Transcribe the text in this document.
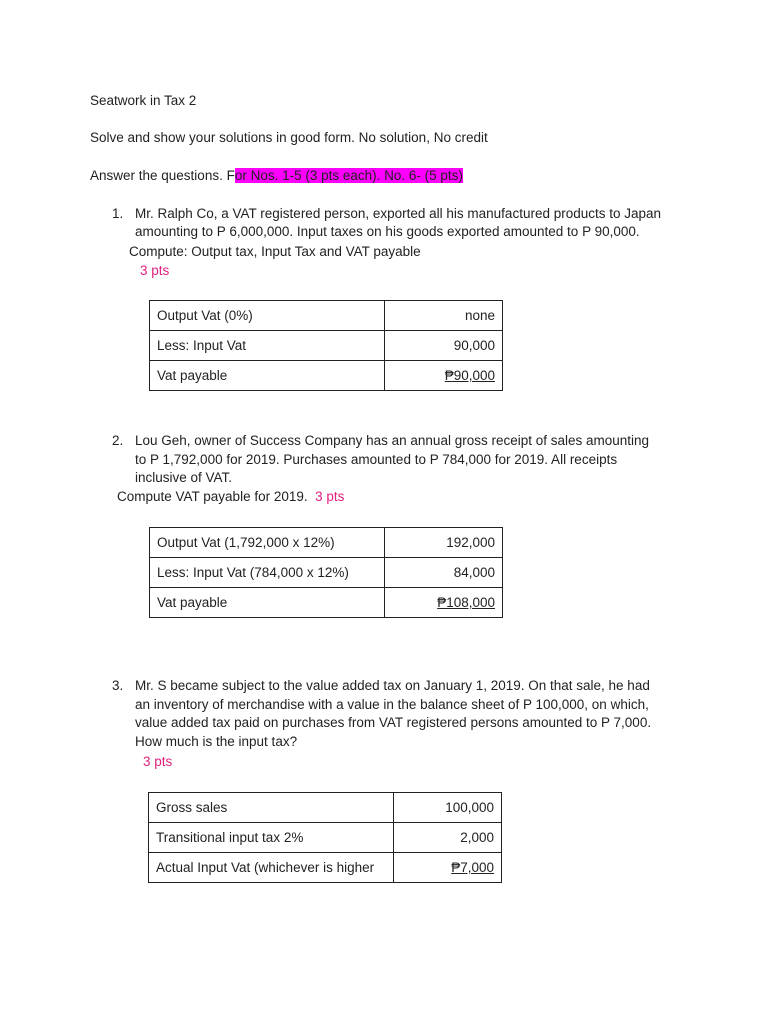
Seatwork in Tax 2
Solve and show your solutions in good form. No solution, No credit
Answer the questions. For Nos. 1-5 (3 pts each). No. 6- (5 pts)
1. Mr. Ralph Co, a VAT registered person, exported all his manufactured products to Japan
amounting to P 6,000,000. Input taxes on his goods exported amounted to P 90,000.
Compute: Output tax, Input Tax and VAT payable
3 pts
Output Vat (0%)	none
Less: Input Vat	90,000
Vat payable	₱90,000
2. Lou Geh, owner of Success Company has an annual gross receipt of sales amounting
to P 1,792,000 for 2019. Purchases amounted to P 784,000 for 2019. All receipts
inclusive of VAT.
Compute VAT payable for 2019. 3 pts
Output Vat (1,792,000 x 12%)	192,000
Less: Input Vat (784,000 x 12%)	84,000
Vat payable	₱108,000
3. Mr. S became subject to the value added tax on January 1, 2019. On that sale, he had
an inventory of merchandise with a value in the balance sheet of P 100,000, on which,
value added tax paid on purchases from VAT registered persons amounted to P 7,000.
How much is the input tax?
3 pts
Gross sales	100,000
Transitional input tax 2%	2,000
Actual Input Vat (whichever is higher	₱7,000
